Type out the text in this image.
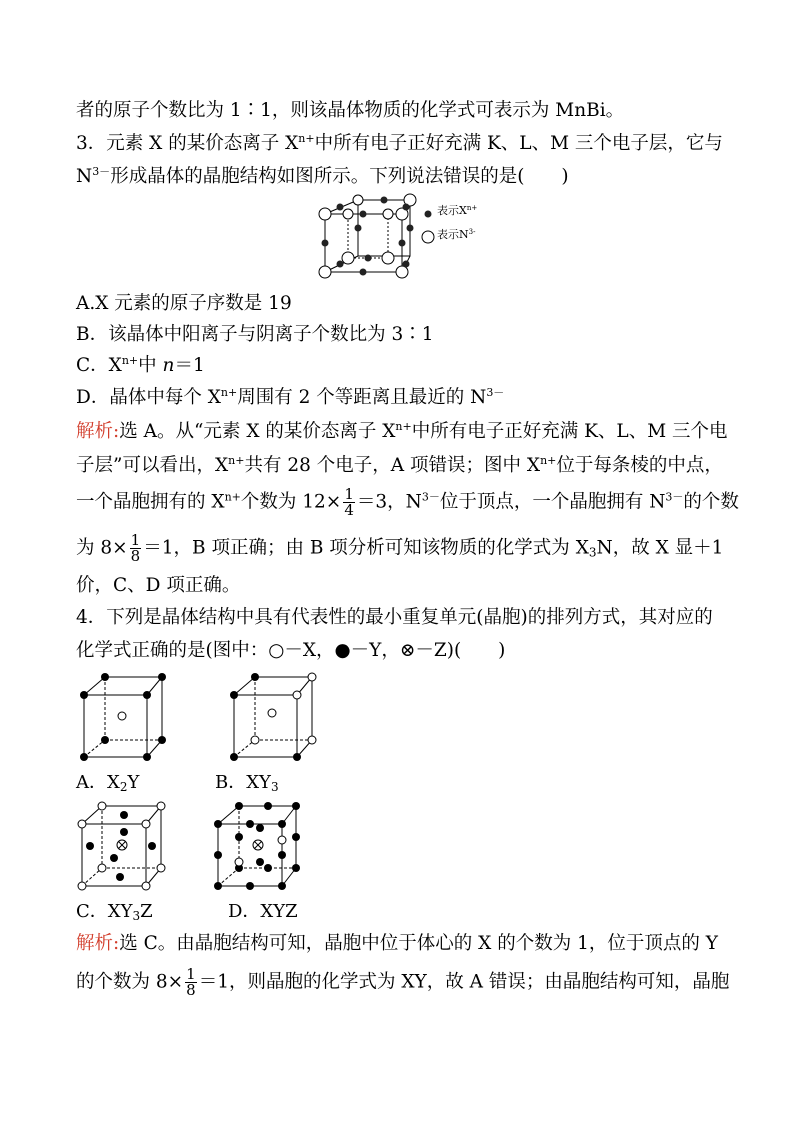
者的原子个数比为 1∶1，则该晶体物质的化学式可表示为 MnBi。
3．元素 X 的某价态离子 $X^{n+}$中所有电子正好充满 K、L、M 三个电子层，它与
$N^{3-}$形成晶体的晶胞结构如图所示。下列说法错误的是(　　)
表示$X^{n+}$
表示$N^{3-}$
A.X 元素的原子序数是 19
B．该晶体中阳离子与阴离子个数比为 3∶1
C．$X^{n+}$中 n＝1
D．晶体中每个 $X^{n+}$周围有 2 个等距离且最近的 $N^{3-}$
解析:选 A。从“元素 X 的某价态离子 $X^{n+}$中所有电子正好充满 K、L、M 三个电
子层”可以看出，$X^{n+}$共有 28 个电子，A 项错误；图中 $X^{n+}$位于每条棱的中点，
一个晶胞拥有的 $X^{n+}$个数为 $12\times \frac{1}{4} =3$，$N^{3-}$位于顶点，一个晶胞拥有 $N^{3-}$的个数
为 $8\times \frac{1}{8} =1$，B 项正确；由 B 项分析可知该物质的化学式为 $X_3N$，故 X 显＋1
价，C、D 项正确。
4．下列是晶体结构中具有代表性的最小重复单元(晶胞)的排列方式，其对应的
化学式正确的是(图中：○－X，●－Y，⊗－Z)(　　)
A．$X_2Y$	B．$XY_3$
C．$XY_3Z$	D．XYZ
解析:选 C。由晶胞结构可知，晶胞中位于体心的 X 的个数为 1，位于顶点的 Y
的个数为 $8\times \frac{1}{8} =1$，则晶胞的化学式为 XY，故 A 错误；由晶胞结构可知，晶胞
